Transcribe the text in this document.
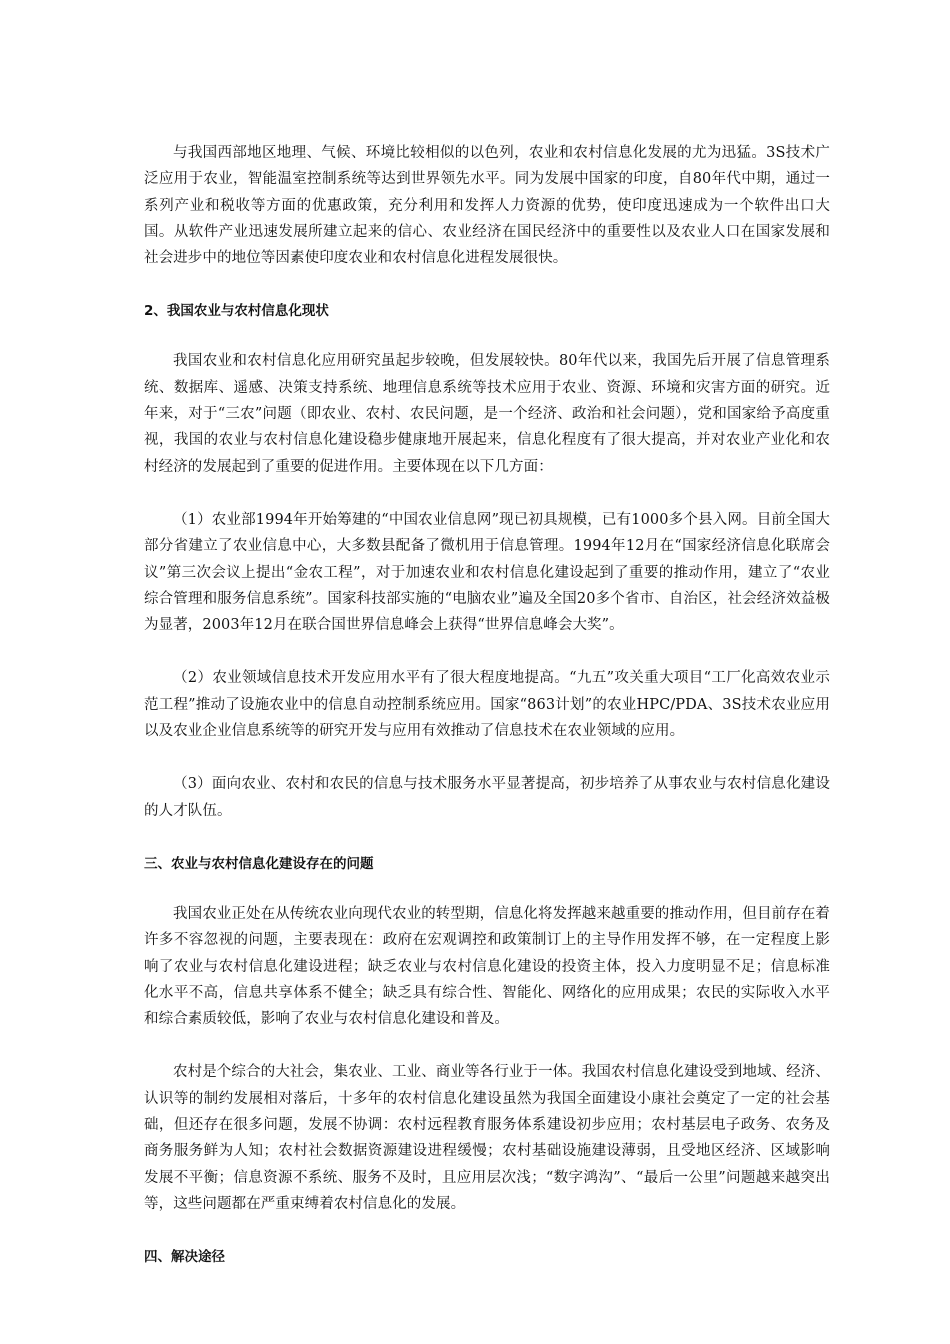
与我国西部地区地理、气候、环境比较相似的以色列，农业和农村信息化发展的尤为迅猛。3S技术广泛应用于农业，智能温室控制系统等达到世界领先水平。同为发展中国家的印度，自80年代中期，通过一系列产业和税收等方面的优惠政策，充分利用和发挥人力资源的优势，使印度迅速成为一个软件出口大国。从软件产业迅速发展所建立起来的信心、农业经济在国民经济中的重要性以及农业人口在国家发展和社会进步中的地位等因素使印度农业和农村信息化进程发展很快。

2、我国农业与农村信息化现状

我国农业和农村信息化应用研究虽起步较晚，但发展较快。80年代以来，我国先后开展了信息管理系统、数据库、遥感、决策支持系统、地理信息系统等技术应用于农业、资源、环境和灾害方面的研究。近年来，对于“三农”问题（即农业、农村、农民问题，是一个经济、政治和社会问题），党和国家给予高度重视，我国的农业与农村信息化建设稳步健康地开展起来，信息化程度有了很大提高，并对农业产业化和农村经济的发展起到了重要的促进作用。主要体现在以下几方面：

（1）农业部1994年开始筹建的“中国农业信息网”现已初具规模，已有1000多个县入网。目前全国大部分省建立了农业信息中心，大多数县配备了微机用于信息管理。1994年12月在“国家经济信息化联席会议”第三次会议上提出“金农工程”，对于加速农业和农村信息化建设起到了重要的推动作用，建立了“农业综合管理和服务信息系统”。国家科技部实施的“电脑农业”遍及全国20多个省市、自治区，社会经济效益极为显著，2003年12月在联合国世界信息峰会上获得“世界信息峰会大奖”。

（2）农业领域信息技术开发应用水平有了很大程度地提高。“九五”攻关重大项目“工厂化高效农业示范工程”推动了设施农业中的信息自动控制系统应用。国家“863计划”的农业HPC/PDA、3S技术农业应用以及农业企业信息系统等的研究开发与应用有效推动了信息技术在农业领域的应用。

（3）面向农业、农村和农民的信息与技术服务水平显著提高，初步培养了从事农业与农村信息化建设的人才队伍。

三、农业与农村信息化建设存在的问题

我国农业正处在从传统农业向现代农业的转型期，信息化将发挥越来越重要的推动作用，但目前存在着许多不容忽视的问题，主要表现在：政府在宏观调控和政策制订上的主导作用发挥不够，在一定程度上影响了农业与农村信息化建设进程；缺乏农业与农村信息化建设的投资主体，投入力度明显不足；信息标准化水平不高，信息共享体系不健全；缺乏具有综合性、智能化、网络化的应用成果；农民的实际收入水平和综合素质较低，影响了农业与农村信息化建设和普及。

农村是个综合的大社会，集农业、工业、商业等各行业于一体。我国农村信息化建设受到地域、经济、认识等的制约发展相对落后，十多年的农村信息化建设虽然为我国全面建设小康社会奠定了一定的社会基础，但还存在很多问题，发展不协调：农村远程教育服务体系建设初步应用；农村基层电子政务、农务及商务服务鲜为人知；农村社会数据资源建设进程缓慢；农村基础设施建设薄弱，且受地区经济、区域影响发展不平衡；信息资源不系统、服务不及时，且应用层次浅；“数字鸿沟”、“最后一公里”问题越来越突出等，这些问题都在严重束缚着农村信息化的发展。

四、解决途径
